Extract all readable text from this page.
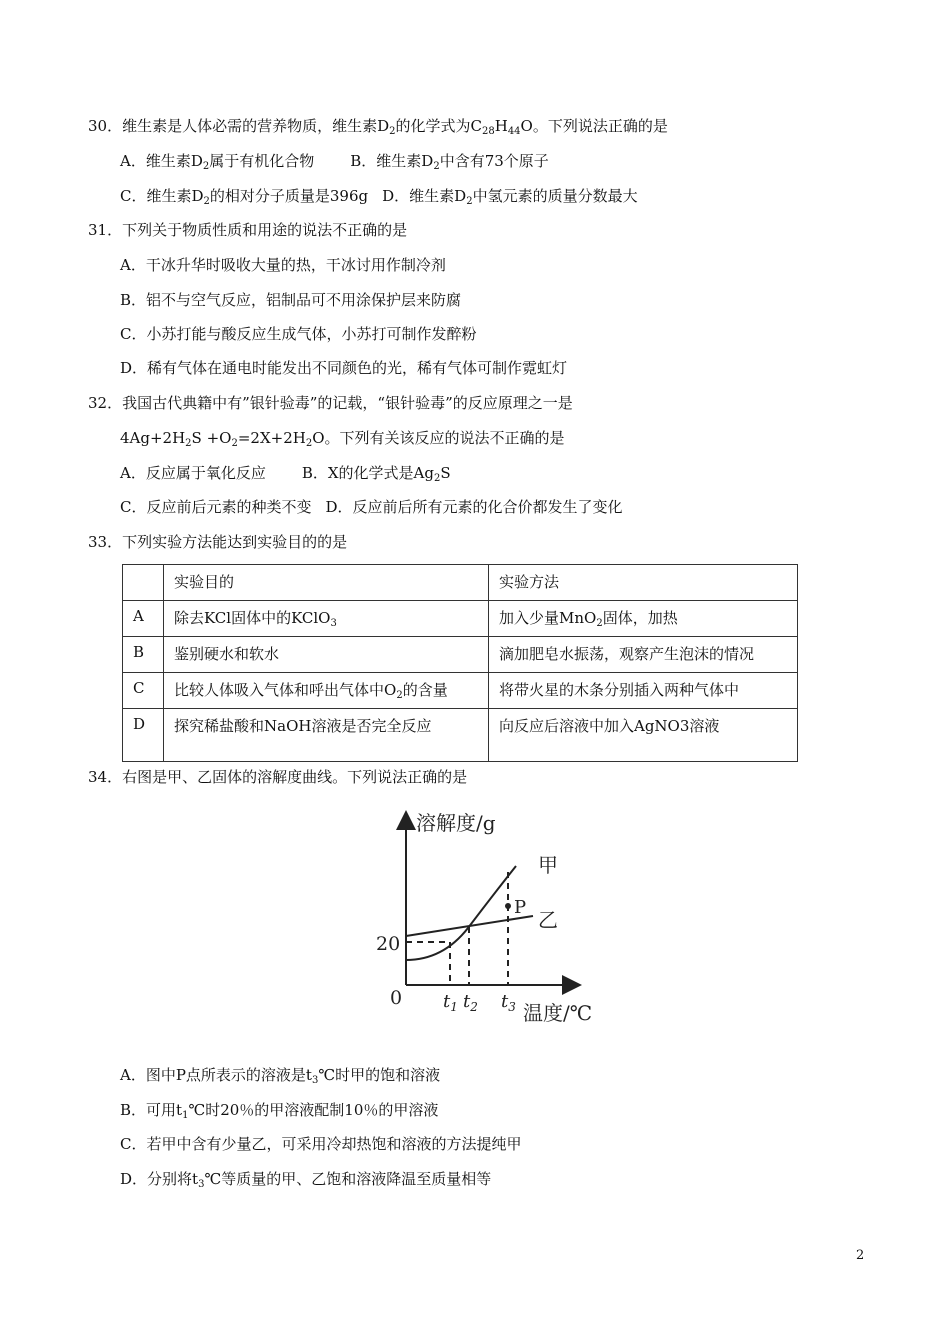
30．维生素是人体必需的营养物质，维生素$D_2$的化学式为$C_{28}H_{44}O$。下列说法正确的是
A．维生素$D_2$属于有机化合物 B．维生素$D_2$中含有73个原子
C．维生素$D_2$的相对分子质量是396g D．维生素$D_2$中氢元素的质量分数最大
31．下列关于物质性质和用途的说法不正确的是
A．干冰升华时吸收大量的热，干冰讨用作制冷剂
B．铝不与空气反应，铝制品可不用涂保护层来防腐
C．小苏打能与酸反应生成气体，小苏打可制作发醉粉
D．稀有气体在通电时能发出不同颜色的光，稀有气体可制作霓虹灯
32．我国古代典籍中有”银针验毒”的记载，“银针验毒”的反应原理之一是
$4Ag+2H_2S +O_2=2X+2H_2O$。下列有关该反应的说法不正确的是
A．反应属于氧化反应 B．X的化学式是$Ag_2S$
C．反应前后元素的种类不变 D．反应前后所有元素的化合价都发生了变化
33．下列实验方法能达到实验目的的是
	实验目的	实验方法
A	除去KCl固体中的KClO$_3$	加入少量MnO$_2$固体，加热
B	鉴别硬水和软水	滴加肥皂水振荡，观察产生泡沫的情况
C	比较人体吸入气体和呼出气体中$O_2$的含量	将带火星的木条分别插入两种气体中
D	探究稀盐酸和NaOH溶液是否完全反应	向反应后溶液中加入AgNO3溶液
34．右图是甲、乙固体的溶解度曲线。下列说法正确的是
溶解度/g
甲
P
乙
20
0 $t_1$ $t_2$ $t_3$ 温度/℃
A．图中P点所表示的溶液是$t_3℃$时甲的饱和溶液
B．可用$t_1℃$时20％的甲溶液配制10％的甲溶液
C．若甲中含有少量乙，可采用冷却热饱和溶液的方法提纯甲
D．分别将$t_3℃$等质量的甲、乙饱和溶液降温至质量相等
2
